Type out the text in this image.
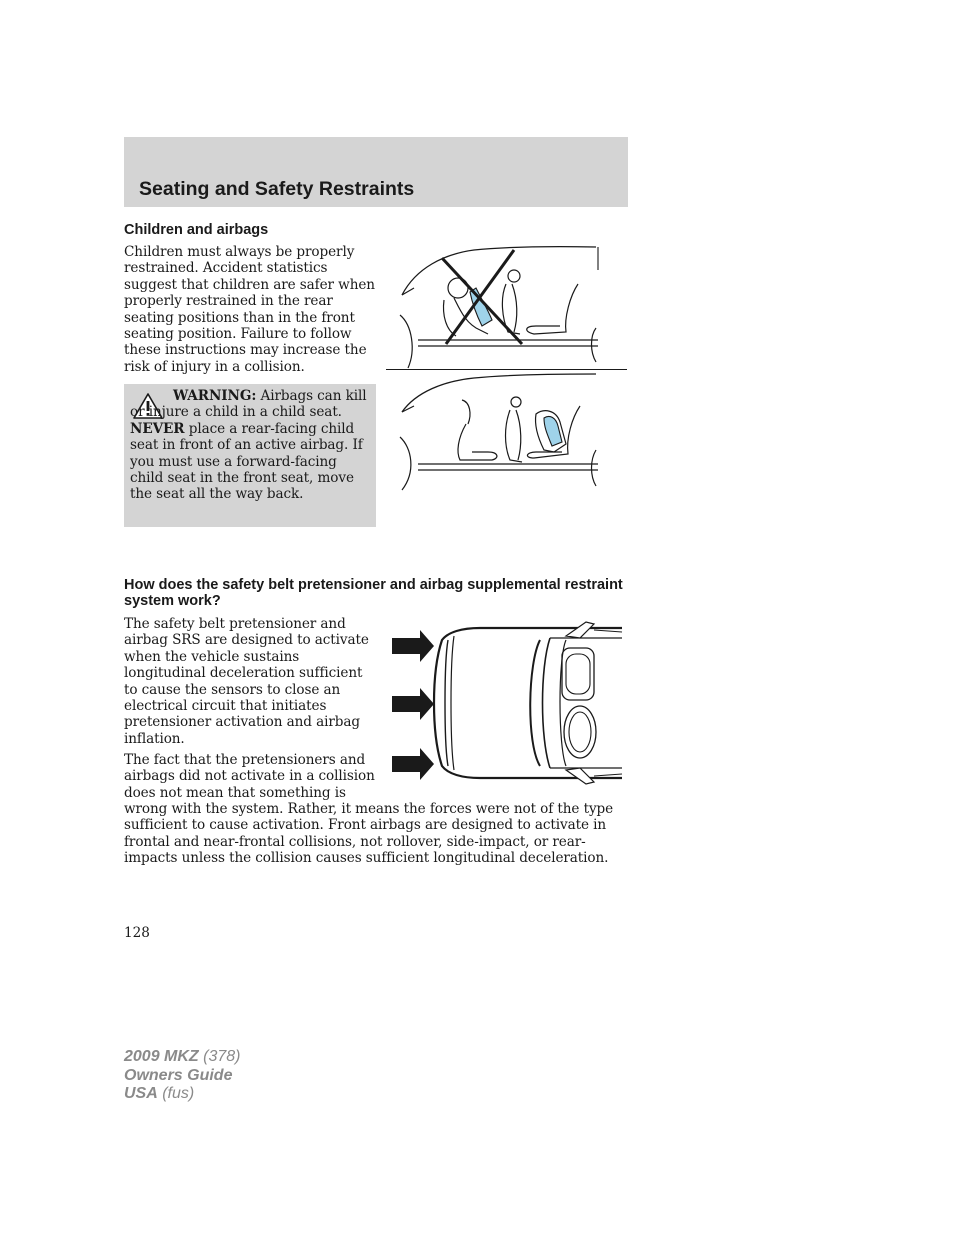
Seating and Safety Restraints
Children and airbags

Children must always be properly restrained. Accident statistics suggest that children are safer when properly restrained in the rear seating positions than in the front seating position. Failure to follow these instructions may increase the risk of injury in a collision.

WARNING: Airbags can kill or injure a child in a child seat. NEVER place a rear-facing child seat in front of an active airbag. If you must use a forward-facing child seat in the front seat, move the seat all the way back.

How does the safety belt pretensioner and airbag supplemental restraint system work?

The safety belt pretensioner and airbag SRS are designed to activate when the vehicle sustains longitudinal deceleration sufficient to cause the sensors to close an electrical circuit that initiates pretensioner activation and airbag inflation.

The fact that the pretensioners and airbags did not activate in a collision does not mean that something is

wrong with the system. Rather, it means the forces were not of the type sufficient to cause activation. Front airbags are designed to activate in frontal and near-frontal collisions, not rollover, side-impact, or rear-impacts unless the collision causes sufficient longitudinal deceleration.

128

2009 MKZ (378)
Owners Guide
USA (fus)
